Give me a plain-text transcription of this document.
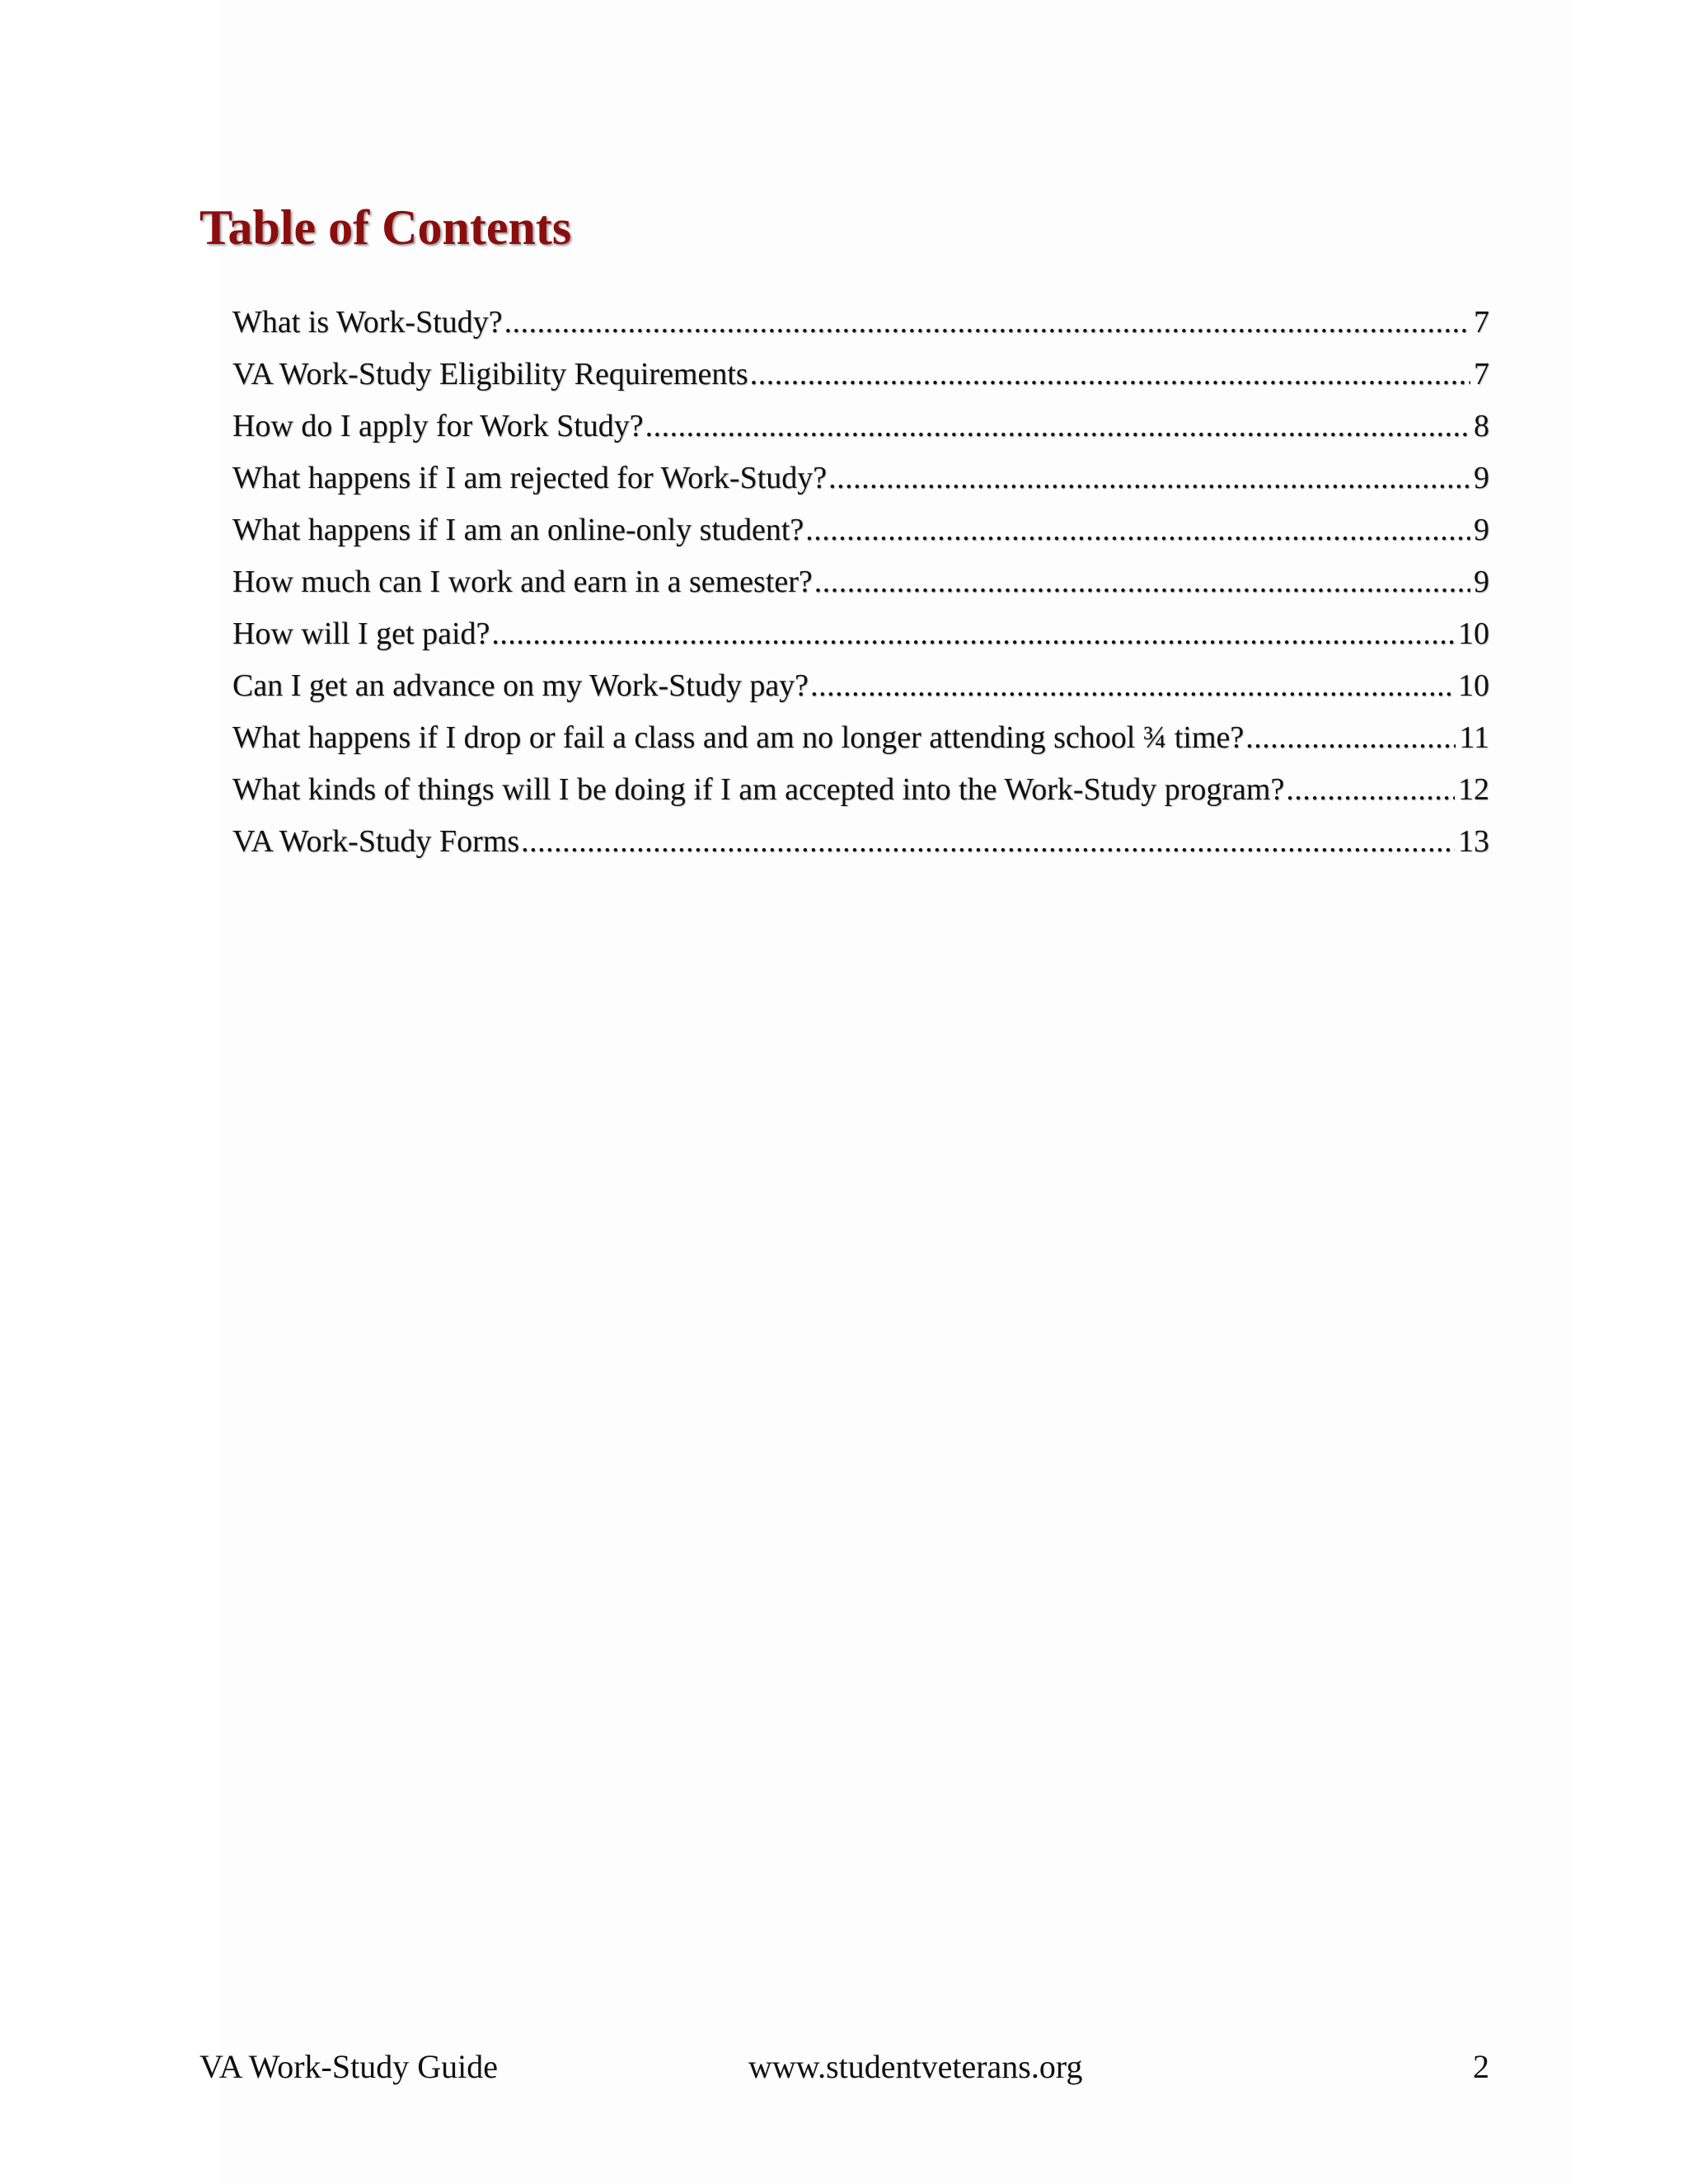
Table of Contents
What is Work-Study? .....	7
VA Work-Study Eligibility Requirements .....	7
How do I apply for Work Study? .....	8
What happens if I am rejected for Work-Study? .....	9
What happens if I am an online-only student? .....	9
How much can I work and earn in a semester? .....	9
How will I get paid? .....	10
Can I get an advance on my Work-Study pay? .....	10
What happens if I drop or fail a class and am no longer attending school ¾ time? .....	11
What kinds of things will I be doing if I am accepted into the Work-Study program? .....	12
VA Work-Study Forms .....	13
VA Work-Study Guide	www.studentveterans.org	2
